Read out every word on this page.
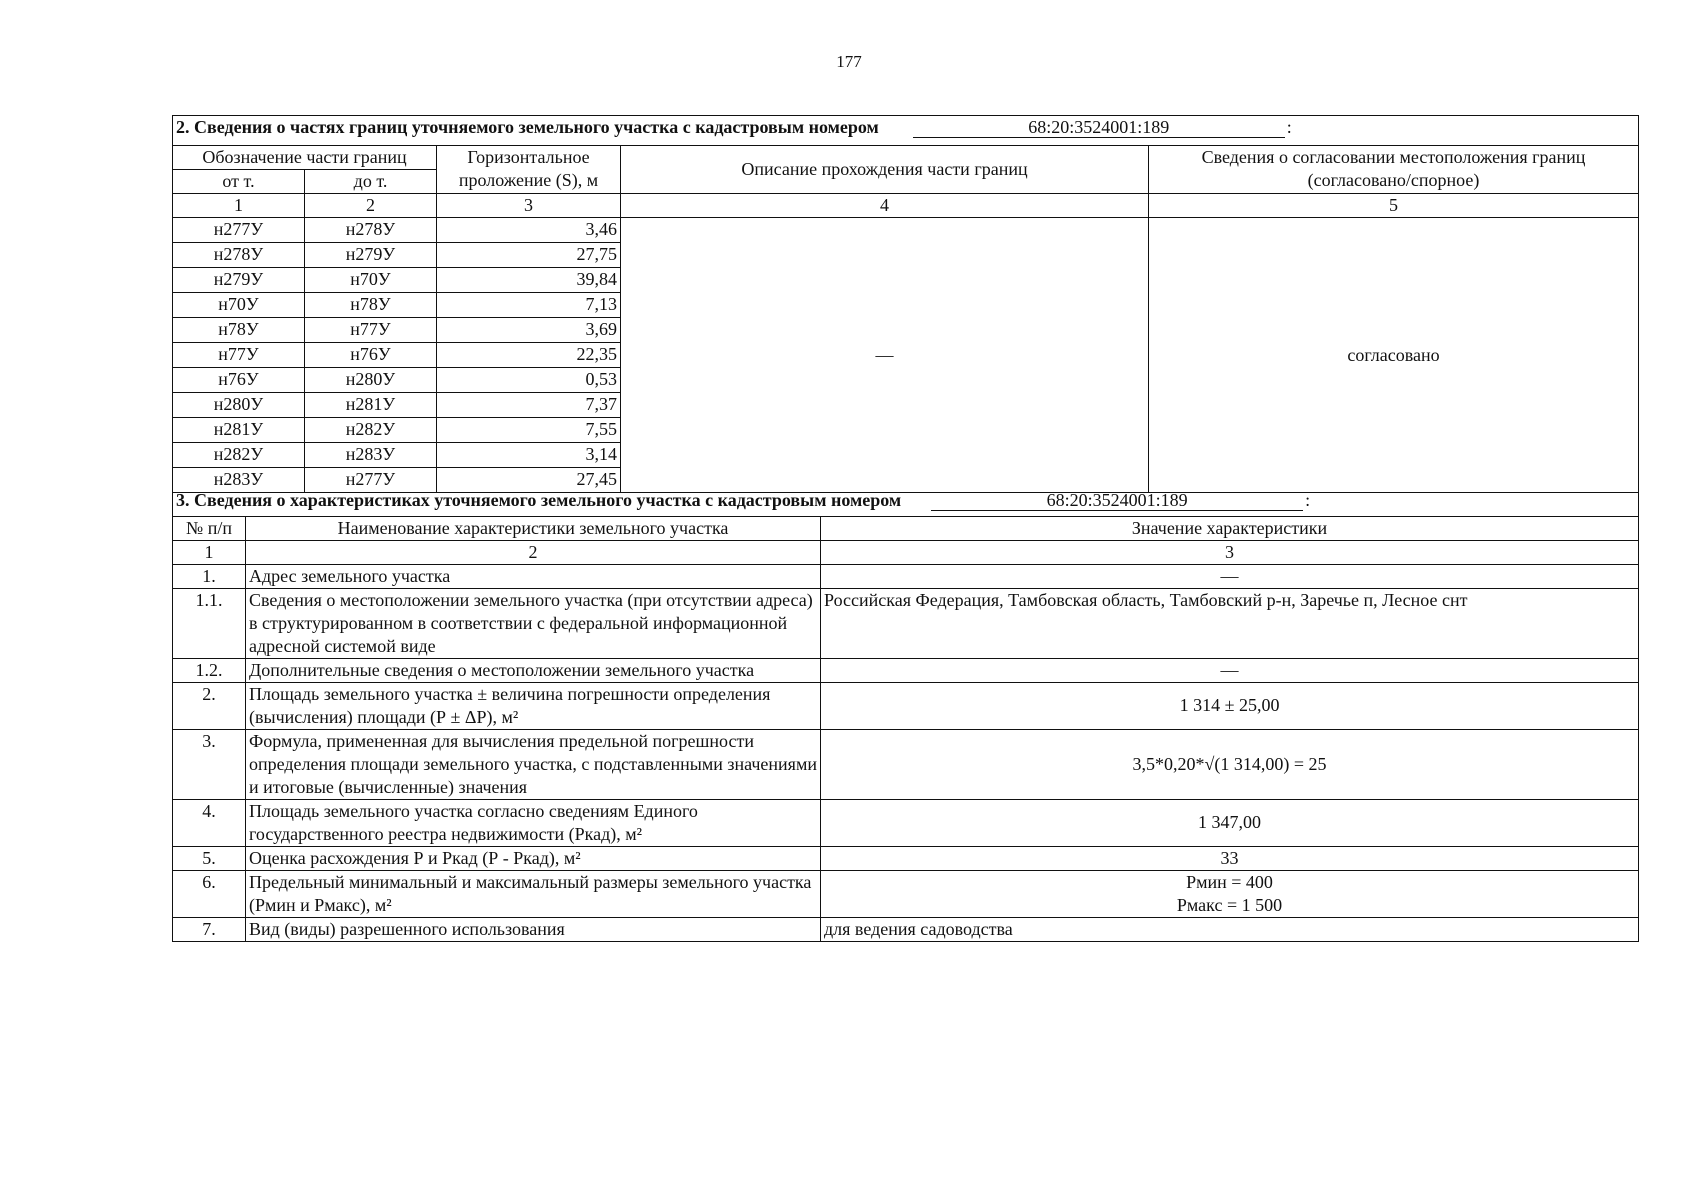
177
2. Сведения о частях границ уточняемого земельного участка с кадастровым номером 68:20:3524001:189 :				
Обозначение части границ		Горизонтальное проложение (S), м	Описание прохождения части границ	Сведения о согласовании местоположения границ (согласовано/спорное)
от т.	до т.			
1	2	3	4	5
н277У	н278У	3,46	—	согласовано
н278У	н279У	27,75		
н279У	н70У	39,84		
н70У	н78У	7,13		
н78У	н77У	3,69		
н77У	н76У	22,35		
н76У	н280У	0,53		
н280У	н281У	7,37		
н281У	н282У	7,55		
н282У	н283У	3,14		
н283У	н277У	27,45		
3. Сведения о характеристиках уточняемого земельного участка с кадастровым номером 68:20:3524001:189 :		
№ п/п	Наименование характеристики земельного участка	Значение характеристики
1	2	3
1.	Адрес земельного участка	—
1.1.	Сведения о местоположении земельного участка (при отсутствии адреса) в структурированном в соответствии с федеральной информационной адресной системой виде	Российская Федерация, Тамбовская область, Тамбовский р-н, Заречье п, Лесное снт
1.2.	Дополнительные сведения о местоположении земельного участка	—
2.	Площадь земельного участка ± величина погрешности определения (вычисления) площади (Р ± ΔР), м²	1 314 ± 25,00
3.	Формула, примененная для вычисления предельной погрешности определения площади земельного участка, с подставленными значениями и итоговые (вычисленные) значения	3,5*0,20*√(1 314,00) = 25
4.	Площадь земельного участка согласно сведениям Единого государственного реестра недвижимости (Ркад), м²	1 347,00
5.	Оценка расхождения Р и Ркад (Р - Ркад), м²	33
6.	Предельный минимальный и максимальный размеры земельного участка (Рмин и Рмакс), м²	Рмин = 400
Рмакс = 1 500

7.	Вид (виды) разрешенного использования	для ведения садоводства
